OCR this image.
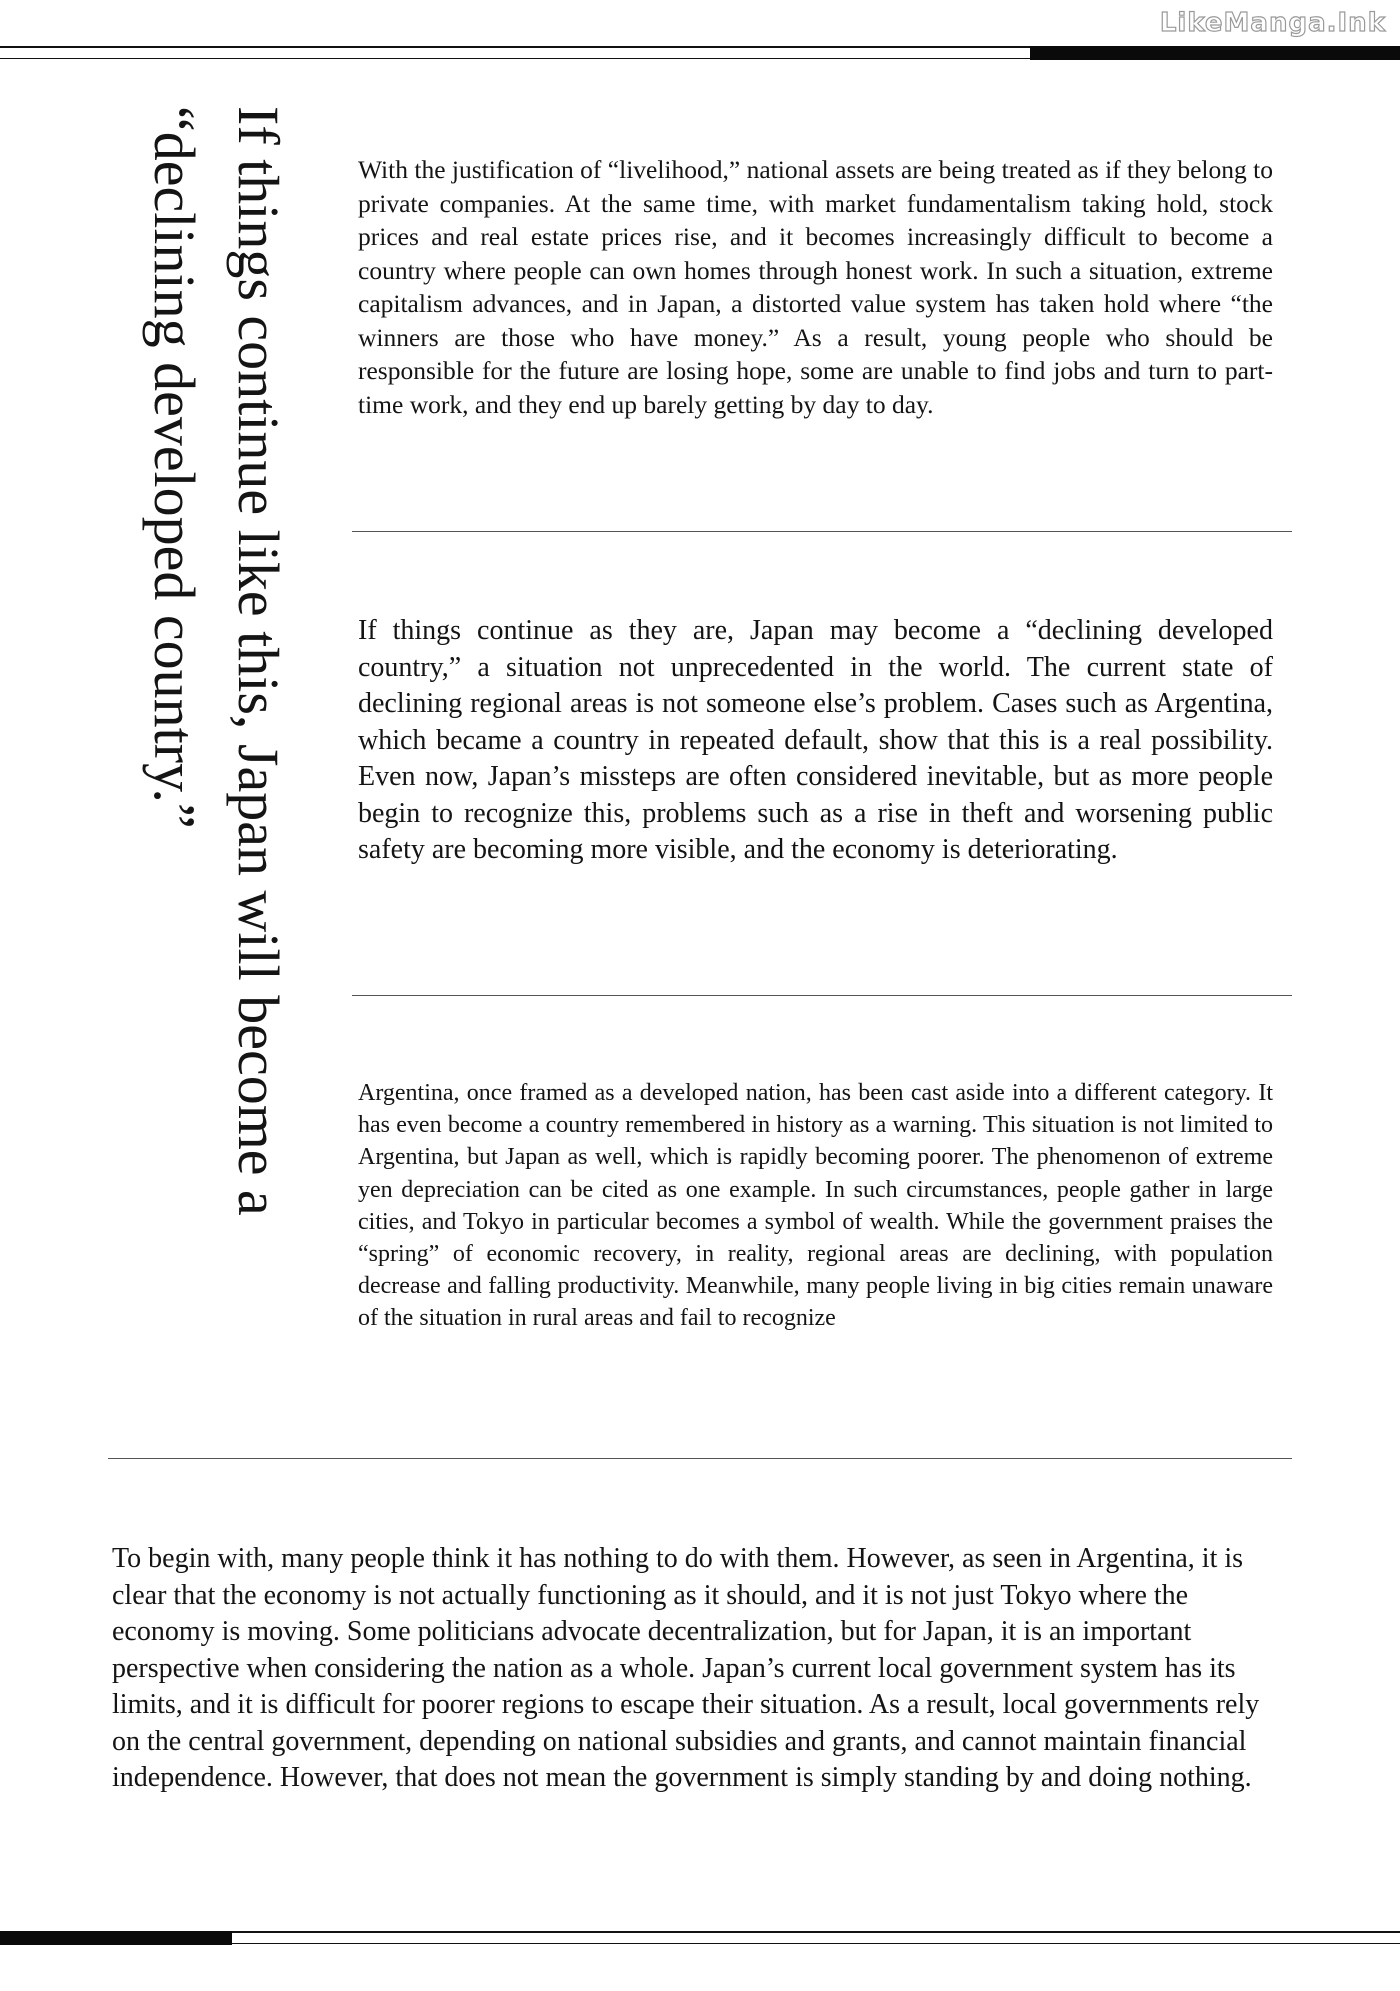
LikeManga.Ink
If things continue like this, Japan will become a “declining developed country.”	With the justification of “livelihood,” national assets are being treated as if they belong to private companies. At the same time, with market fundamentalism taking hold, stock prices and real estate prices rise, and it becomes increasingly difficult to become a country where people can own homes through honest work. In such a situation, extreme capitalism advances, and in Japan, a distorted value system has taken hold where “the winners are those who have money.” As a result, young people who should be responsible for the future are losing hope, some are unable to find jobs and turn to part-time work, and they end up barely getting by day to day.

If things continue as they are, Japan may become a “declining developed country,” a situation not unprecedented in the world. The current state of declining regional areas is not someone else’s problem. Cases such as Argentina, which became a country in repeated default, show that this is a real possibility. Even now, Japan’s missteps are often considered inevitable, but as more people begin to recognize this, problems such as a rise in theft and worsening public safety are becoming more visible, and the economy is deteriorating.

Argentina, once framed as a developed nation, has been cast aside into a different category. It has even become a country remembered in history as a warning. This situation is not limited to Argentina, but Japan as well, which is rapidly becoming poorer. The phenomenon of extreme yen depreciation can be cited as one example. In such circumstances, people gather in large cities, and Tokyo in particular becomes a symbol of wealth. While the government praises the “spring” of economic recovery, in reality, regional areas are declining, with population decrease and falling productivity. Meanwhile, many people living in big cities remain unaware of the situation in rural areas and fail to recognize

To begin with, many people think it has nothing to do with them. However, as seen in Argentina, it is clear that the economy is not actually functioning as it should, and it is not just Tokyo where the economy is moving. Some politicians advocate decentralization, but for Japan, it is an important perspective when considering the nation as a whole. Japan’s current local government system has its limits, and it is difficult for poorer regions to escape their situation. As a result, local governments rely on the central government, depending on national subsidies and grants, and cannot maintain financial independence. However, that does not mean the government is simply standing by and doing nothing.
